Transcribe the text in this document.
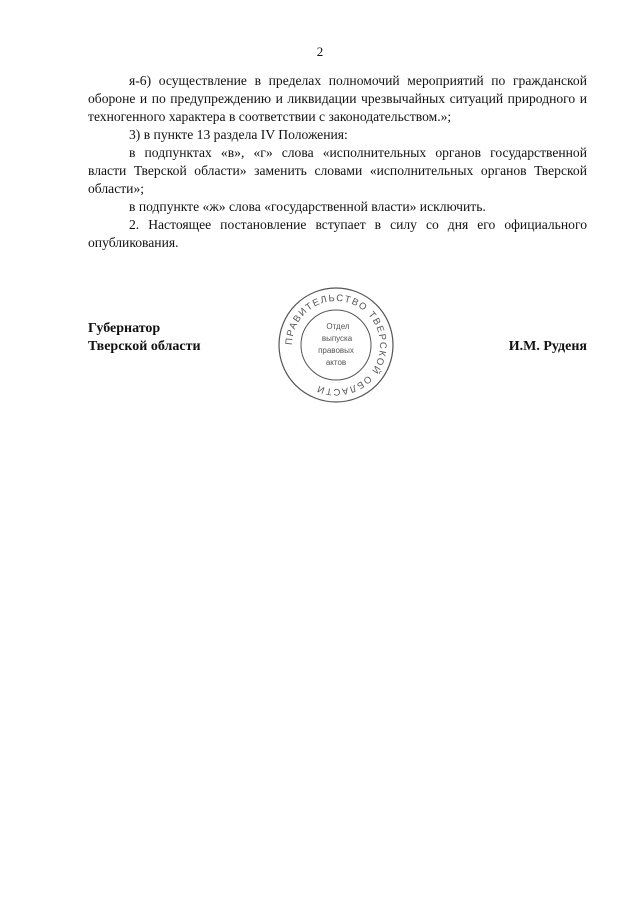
2

я-6) осуществление в пределах полномочий мероприятий по гражданской обороне и по предупреждению и ликвидации чрезвычайных ситуаций природного и техногенного характера в соответствии с законодательством.»;

3) в пункте 13 раздела IV Положения:

в подпунктах «в», «г» слова «исполнительных органов государственной власти Тверской области» заменить словами «исполнительных органов Тверской области»;

в подпункте «ж» слова «государственной власти» исключить.

2. Настоящее постановление вступает в силу со дня его официального опубликования.

ПРАВИТЕЛЬСТВО ТВЕРСКОЙ ОБЛАСТИ
Отдел
выпуска
правовых
актов
Губернатор
Тверской области	И.М. Руденя
